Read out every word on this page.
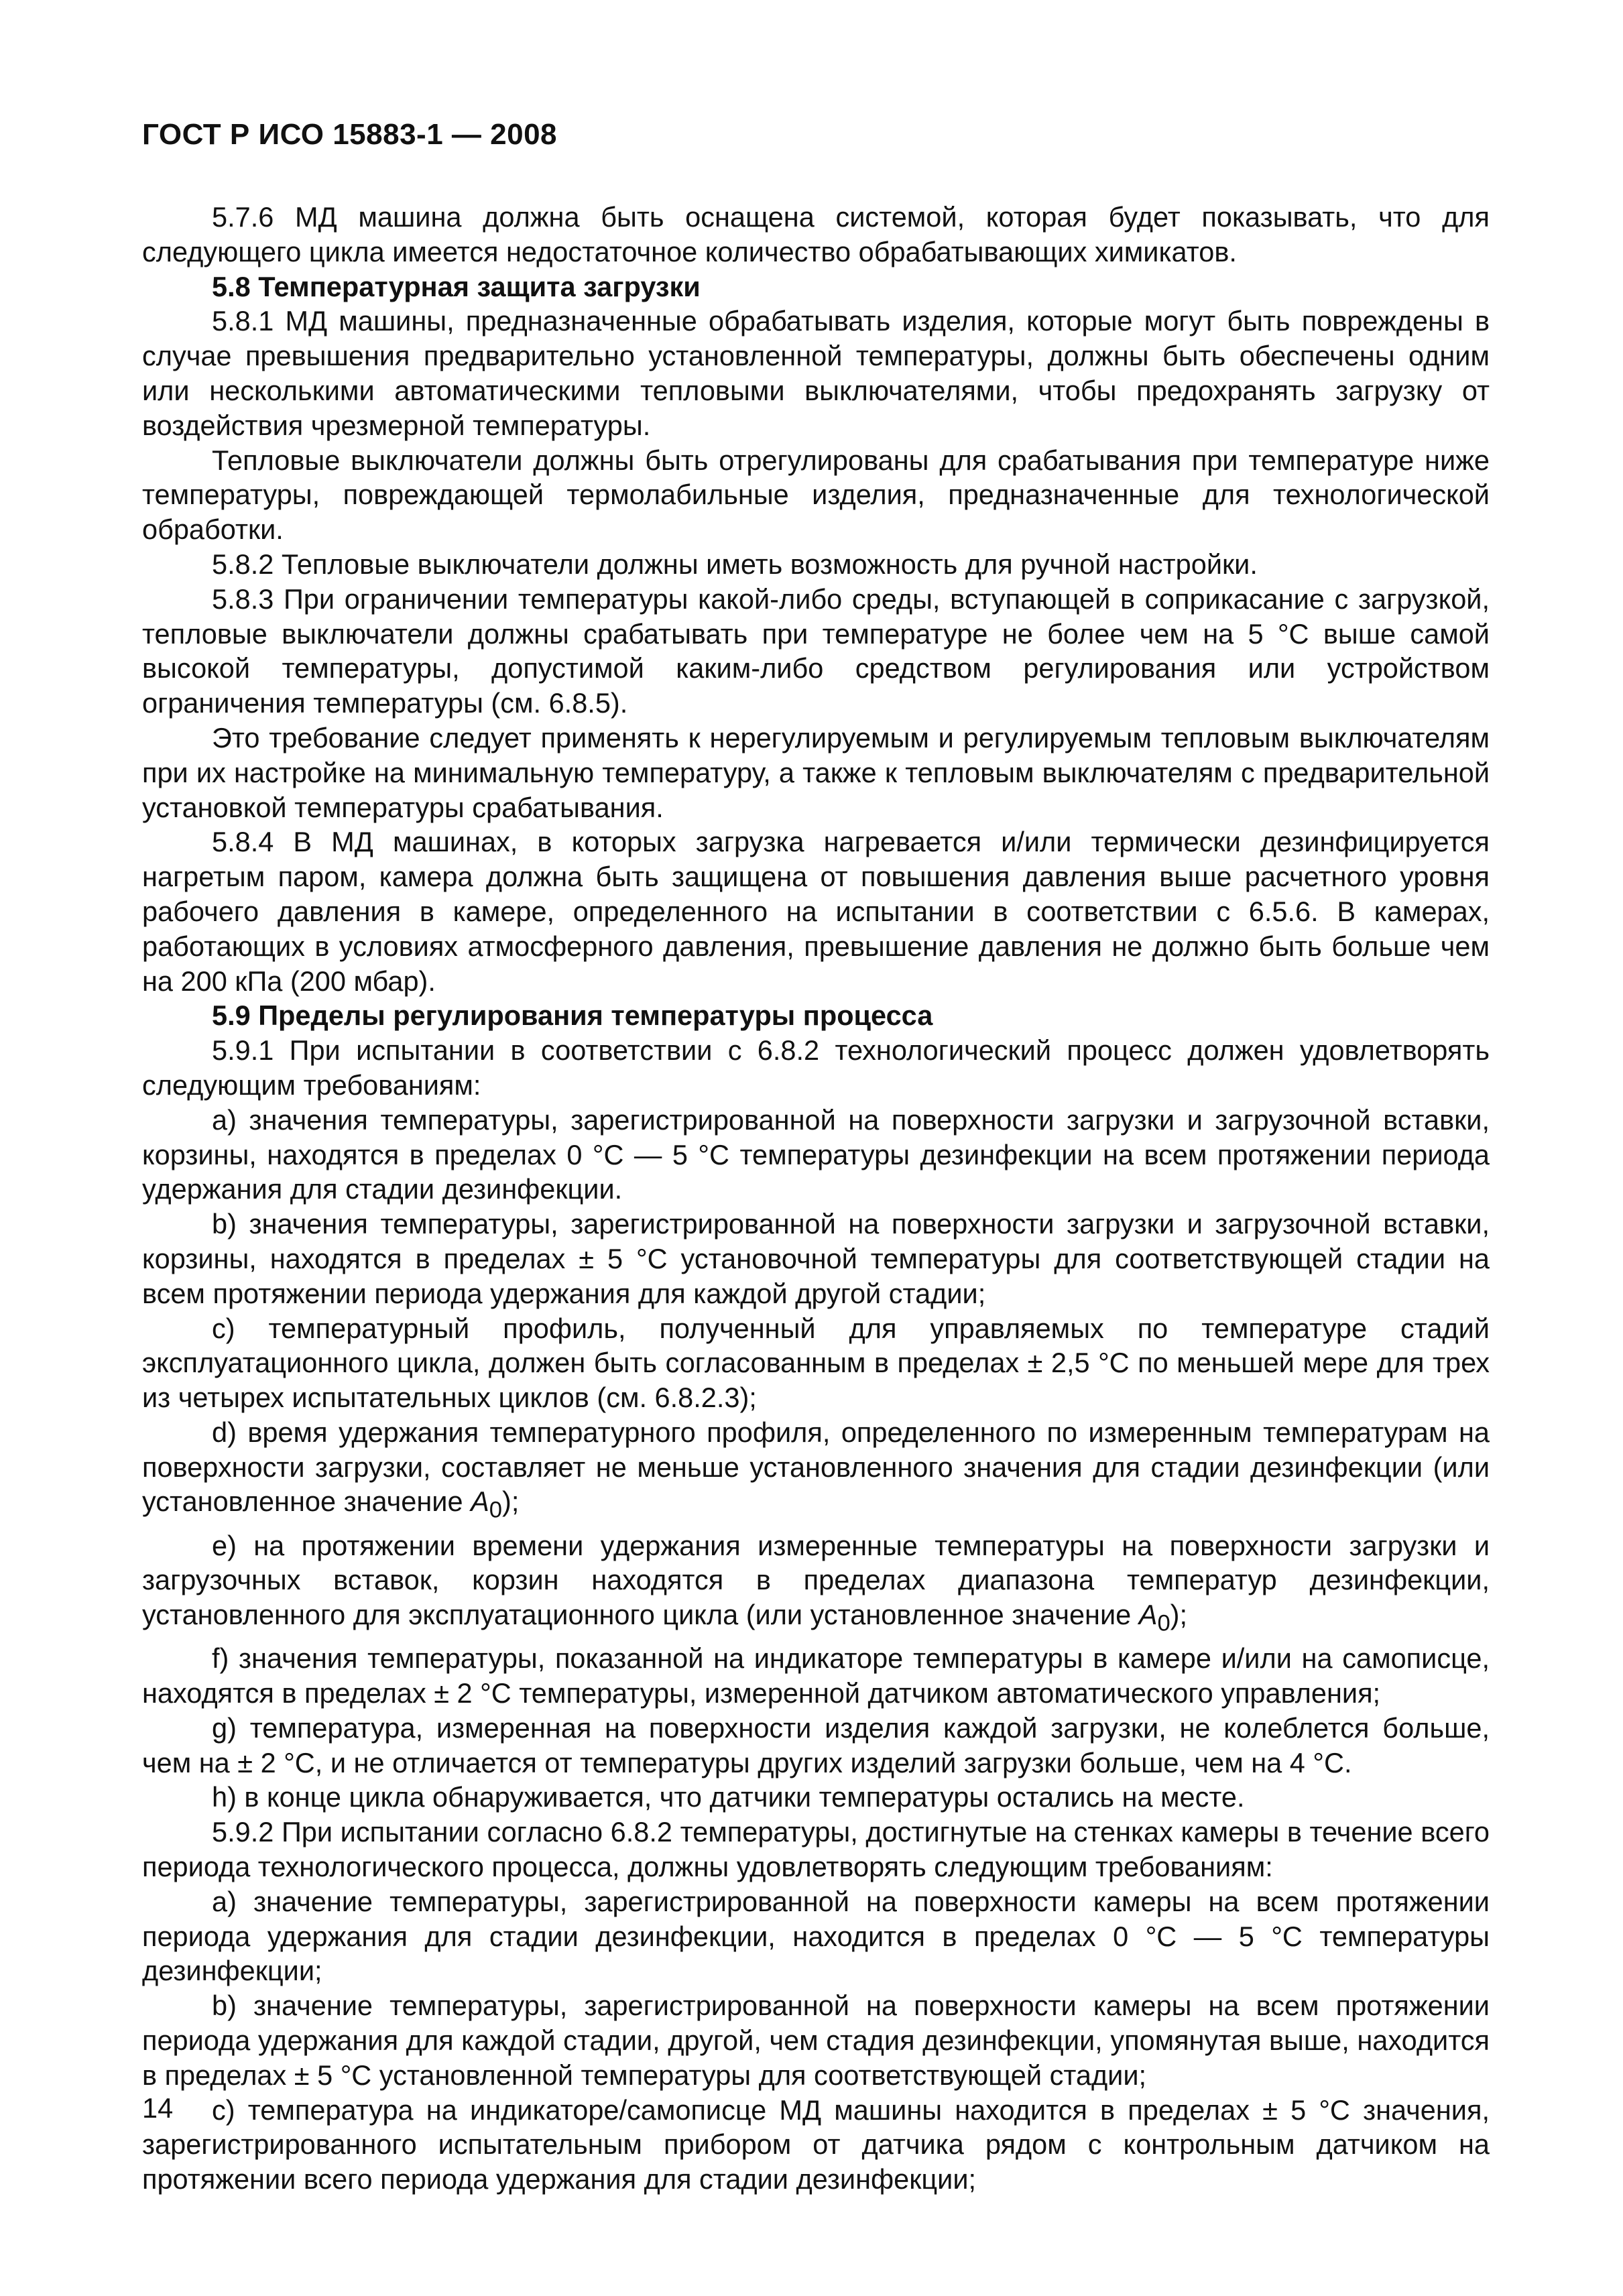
ГОСТ Р ИСО 15883-1 — 2008

5.7.6 МД машина должна быть оснащена системой, которая будет показывать, что для следующего цикла имеется недостаточное количество обрабатывающих химикатов.

5.8 Температурная защита загрузки

5.8.1 МД машины, предназначенные обрабатывать изделия, которые могут быть повреждены в случае превышения предварительно установленной температуры, должны быть обеспечены одним или несколькими автоматическими тепловыми выключателями, чтобы предохранять загрузку от воздействия чрезмерной температуры.

Тепловые выключатели должны быть отрегулированы для срабатывания при температуре ниже температуры, повреждающей термолабильные изделия, предназначенные для технологической обработки.

5.8.2 Тепловые выключатели должны иметь возможность для ручной настройки.

5.8.3 При ограничении температуры какой-либо среды, вступающей в соприкасание с загрузкой, тепловые выключатели должны срабатывать при температуре не более чем на 5 °С выше самой высокой температуры, допустимой каким-либо средством регулирования или устройством ограничения температуры (см. 6.8.5).

Это требование следует применять к нерегулируемым и регулируемым тепловым выключателям при их настройке на минимальную температуру, а также к тепловым выключателям с предварительной установкой температуры срабатывания.

5.8.4 В МД машинах, в которых загрузка нагревается и/или термически дезинфицируется нагретым паром, камера должна быть защищена от повышения давления выше расчетного уровня рабочего давления в камере, определенного на испытании в соответствии с 6.5.6. В камерах, работающих в условиях атмосферного давления, превышение давления не должно быть больше чем на 200 кПа (200 мбар).

5.9 Пределы регулирования температуры процесса

5.9.1 При испытании в соответствии с 6.8.2 технологический процесс должен удовлетворять следующим требованиям:

a) значения температуры, зарегистрированной на поверхности загрузки и загрузочной вставки, корзины, находятся в пределах 0 °С — 5 °С температуры дезинфекции на всем протяжении периода удержания для стадии дезинфекции.

b) значения температуры, зарегистрированной на поверхности загрузки и загрузочной вставки, корзины, находятся в пределах ± 5 °С установочной температуры для соответствующей стадии на всем протяжении периода удержания для каждой другой стадии;

c) температурный профиль, полученный для управляемых по температуре стадий эксплуатационного цикла, должен быть согласованным в пределах ± 2,5 °С по меньшей мере для трех из четырех испытательных циклов (см. 6.8.2.3);

d) время удержания температурного профиля, определенного по измеренным температурам на поверхности загрузки, составляет не меньше установленного значения для стадии дезинфекции (или установленное значение $A_0$);

e) на протяжении времени удержания измеренные температуры на поверхности загрузки и загрузочных вставок, корзин находятся в пределах диапазона температур дезинфекции, установленного для эксплуатационного цикла (или установленное значение $A_0$);

f) значения температуры, показанной на индикаторе температуры в камере и/или на самописце, находятся в пределах ± 2 °С температуры, измеренной датчиком автоматического управления;

g) температура, измеренная на поверхности изделия каждой загрузки, не колеблется больше, чем на ± 2 °С, и не отличается от температуры других изделий загрузки больше, чем на 4 °С.

h) в конце цикла обнаруживается, что датчики температуры остались на месте.

5.9.2 При испытании согласно 6.8.2 температуры, достигнутые на стенках камеры в течение всего периода технологического процесса, должны удовлетворять следующим требованиям:

a) значение температуры, зарегистрированной на поверхности камеры на всем протяжении периода удержания для стадии дезинфекции, находится в пределах 0 °С — 5 °С температуры дезинфекции;

b) значение температуры, зарегистрированной на поверхности камеры на всем протяжении периода удержания для каждой стадии, другой, чем стадия дезинфекции, упомянутая выше, находится в пределах ± 5 °С установленной температуры для соответствующей стадии;

c) температура на индикаторе/самописце МД машины находится в пределах ± 5 °С значения, зарегистрированного испытательным прибором от датчика рядом с контрольным датчиком на протяжении всего периода удержания для стадии дезинфекции;

14
